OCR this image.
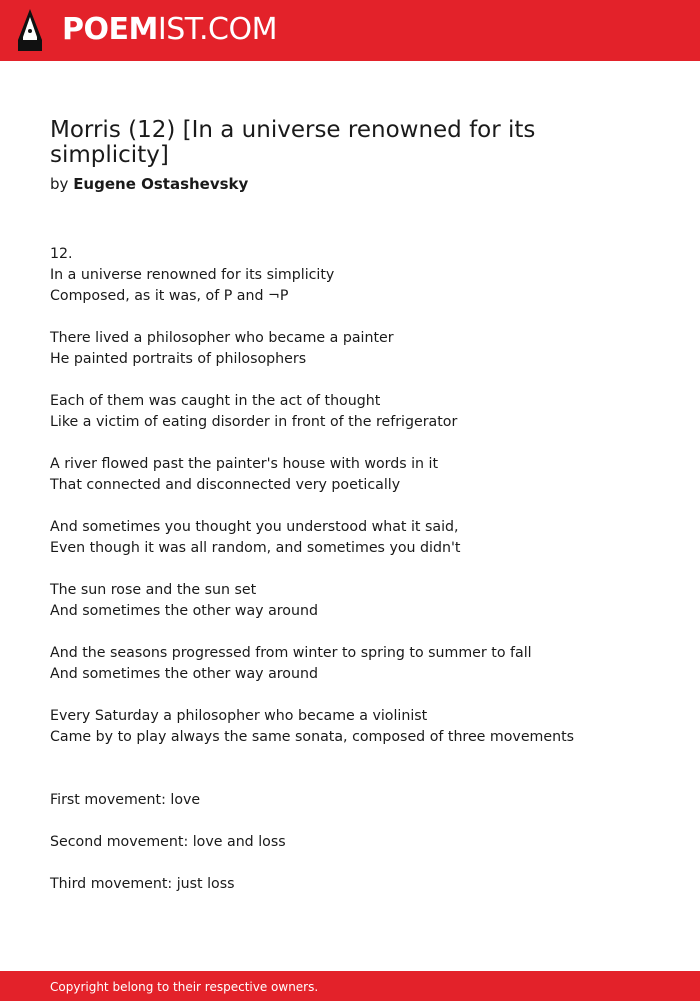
POEMIST.COM
Morris (12) [In a universe renowned for its simplicity]
by Eugene Ostashevsky
12.
In a universe renowned for its simplicity
Composed, as it was, of P and ¬P
There lived a philosopher who became a painter
He painted portraits of philosophers
Each of them was caught in the act of thought
Like a victim of eating disorder in front of the refrigerator
A river flowed past the painter's house with words in it
That connected and disconnected very poetically
And sometimes you thought you understood what it said,
Even though it was all random, and sometimes you didn't
The sun rose and the sun set
And sometimes the other way around
And the seasons progressed from winter to spring to summer to fall
And sometimes the other way around
Every Saturday a philosopher who became a violinist
Came by to play always the same sonata, composed of three movements
First movement: love
Second movement: love and loss
Third movement: just loss
Copyright belong to their respective owners.
